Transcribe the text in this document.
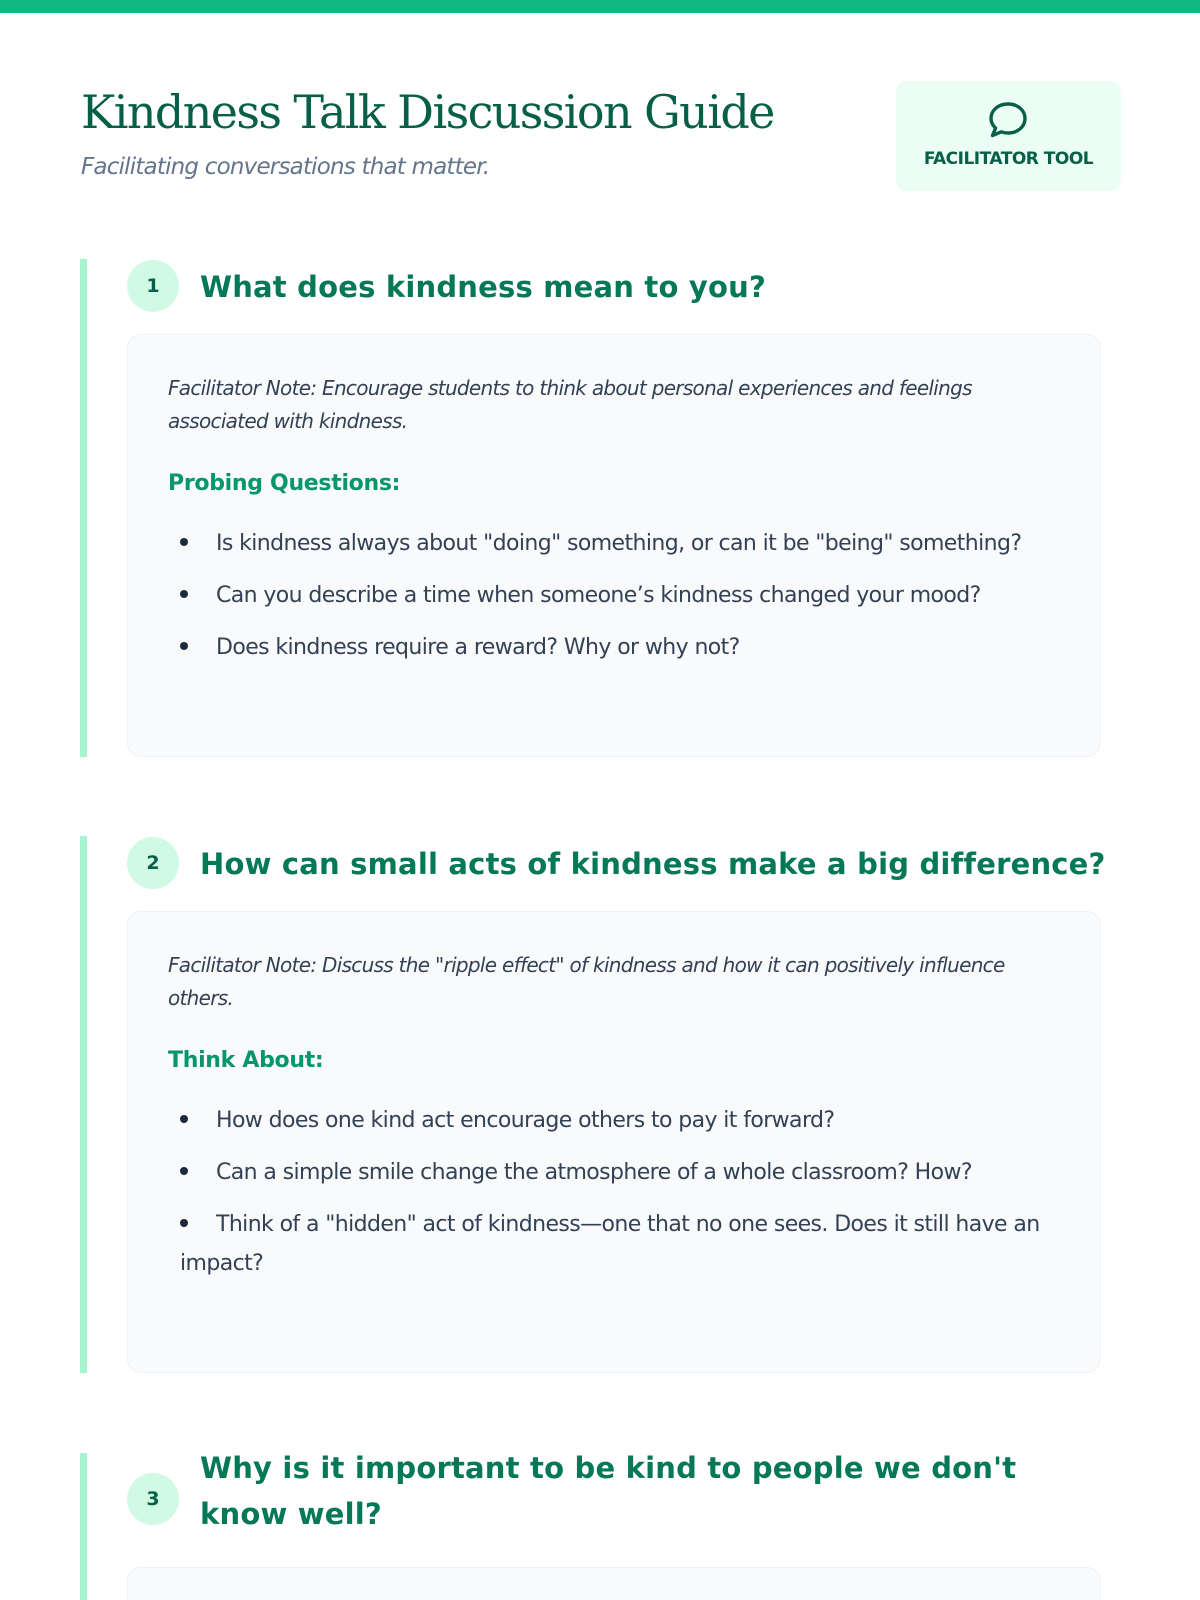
Kindness Talk Discussion Guide

Facilitating conversations that matter.	FACILITATOR TOOL
1	What does kindness mean to you?

Facilitator Note: Encourage students to think about personal experiences and feelings associated with kindness.

Probing Questions:
Is kindness always about "doing" something, or can it be "being" something?
Can you describe a time when someone’s kindness changed your mood?
Does kindness require a reward? Why or why not?
2	How can small acts of kindness make a big difference?

Facilitator Note: Discuss the "ripple effect" of kindness and how it can positively influence others.

Think About:
How does one kind act encourage others to pay it forward?
Can a simple smile change the atmosphere of a whole classroom? How?
Think of a "hidden" act of kindness—one that no one sees. Does it still have an impact?
3
Why is it important to be kind to people we don't know well?
